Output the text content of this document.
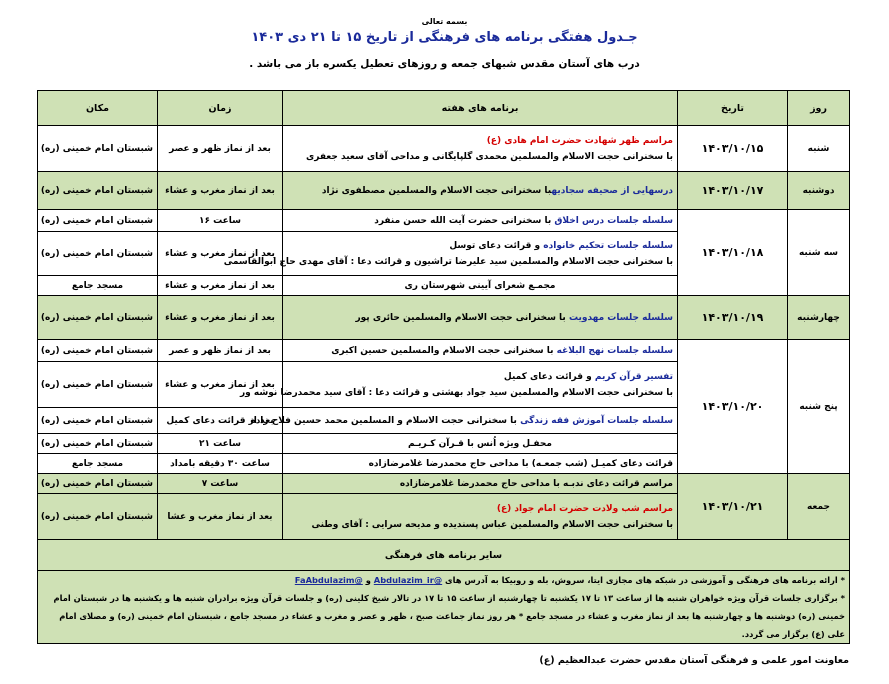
بسمه تعالی
جـدول هفتگی برنامه های فرهنگی از تاریخ ۱۵ تا ۲۱ دی ۱۴۰۳
درب های آستان مقدس شبهای جمعه و روزهای تعطیل یکسره باز می باشد .
روز	تاریخ	برنامه های هفته	زمان	مکان
شنبه	۱۴۰۳/۱۰/۱۵	مراسم ظهر شهادت حضرت امام هادی (ع)
با سخنرانی حجت الاسلام والمسلمین محمدی گلپایگانی و مداحی آقای سعید جعفری	بعد از نماز ظهر و عصر	شبستان امام خمینی (ره)
دوشنبه	۱۴۰۳/۱۰/۱۷	درسهایی از صحیفه سجادیهبا سخنرانی حجت الاسلام والمسلمین مصطفوی نژاد	بعد از نماز مغرب و عشاء	شبستان امام خمینی (ره)
سه شنبه	۱۴۰۳/۱۰/۱۸	سلسله جلسات درس اخلاق با سخنرانی حضرت آیت الله حسن منفرد	ساعت ۱۶	شبستان امام خمینی (ره)

		سلسله جلسات تحکیم خانواده و قرائت دعای توسل
با سخنرانی حجت الاسلام والمسلمین سید علیرضا تراشیون و قرائت دعا : آقای مهدی حاج ابوالقاسمی	بعد از نماز مغرب و عشاء	شبستان امام خمینی (ره)
		مجمـع شعرای آیینی شهرستان ری	بعد از نماز مغرب و عشاء	مسجد جامع
چهارشنبه	۱۴۰۳/۱۰/۱۹	سلسله جلسات مهدویت با سخنرانی حجت الاسلام والمسلمین حائری پور	بعد از نماز مغرب و عشاء	شبستان امام خمینی (ره)
پنج شنبه	۱۴۰۳/۱۰/۲۰	سلسله جلسات نهج البلاغه با سخنرانی حجت الاسلام والمسلمین حسین اکبری	بعد از نماز ظهر و عصر	شبستان امام خمینی (ره)

		تفسیر قرآن کریم و قرائت دعای کمیل
با سخنرانی حجت الاسلام والمسلمین سید جواد بهشتی و قرائت دعا : آقای سید محمدرضا نوشه ور	بعد از نماز مغرب و عشاء	شبستان امام خمینی (ره)
		سلسله جلسات آموزش فقه زندگی با سخنرانی حجت الاسلام و المسلمین محمد حسین فلاح زاده	بعد از قرائت دعای کمیل	شبستان امام خمینی (ره)
		محفـل ویژه اُنس با قـرآن کـریـم	ساعت ۲۱	شبستان امام خمینی (ره)
		قرائت دعای کمیـل (شب جمعـه) با مداحی حاج محمدرضا غلامرضازاده	ساعت ۳۰ دقیقه بامداد	مسجد جامع
جمعه	۱۴۰۳/۱۰/۲۱	مراسم قرائت دعای ندبـه با مداحی حاج محمدرضا غلامرضازاده	ساعت ۷	شبستان امام خمینی (ره)

		مراسم شب ولادت حضرت امام جواد (ع)
با سخنرانی حجت الاسلام والمسلمین عباس پسندیده و مدیحه سرایی : آقای وطنی	بعد از نماز مغرب و عشا	شبستان امام خمینی (ره)
سایر برنامه های فرهنگی				

* ارائه برنامه های فرهنگی و آموزشی در شبکه های مجازی ایتا، سروش، بله و روبیکا به آدرس های @Abdulazim_ir و @FaAbdulazim
* برگزاری جلسات قرآن ویژه خواهران شنبه ها از ساعت ۱۳ تا ۱۷ یکشنبه تا چهارشنبه از ساعت ۱۵ تا ۱۷ در تالار شیخ کلینی (ره) و جلسات قرآن ویژه برادران شنبه ها و یکشنبه ها در شبستان امام خمینی (ره) دوشنبه ها و چهارشنبه ها بعد از نماز مغرب و عشاء در مسجد جامع * هر روز نماز جماعت صبح ، ظهر و عصر و مغرب و عشاء در مسجد جامع ، شبستان امام خمینی (ره) و مصلای امام علی (ع) برگزار می گردد.				
معاونت امور علمی و فرهنگی آستان مقدس حضرت عبدالعظیم (ع)
